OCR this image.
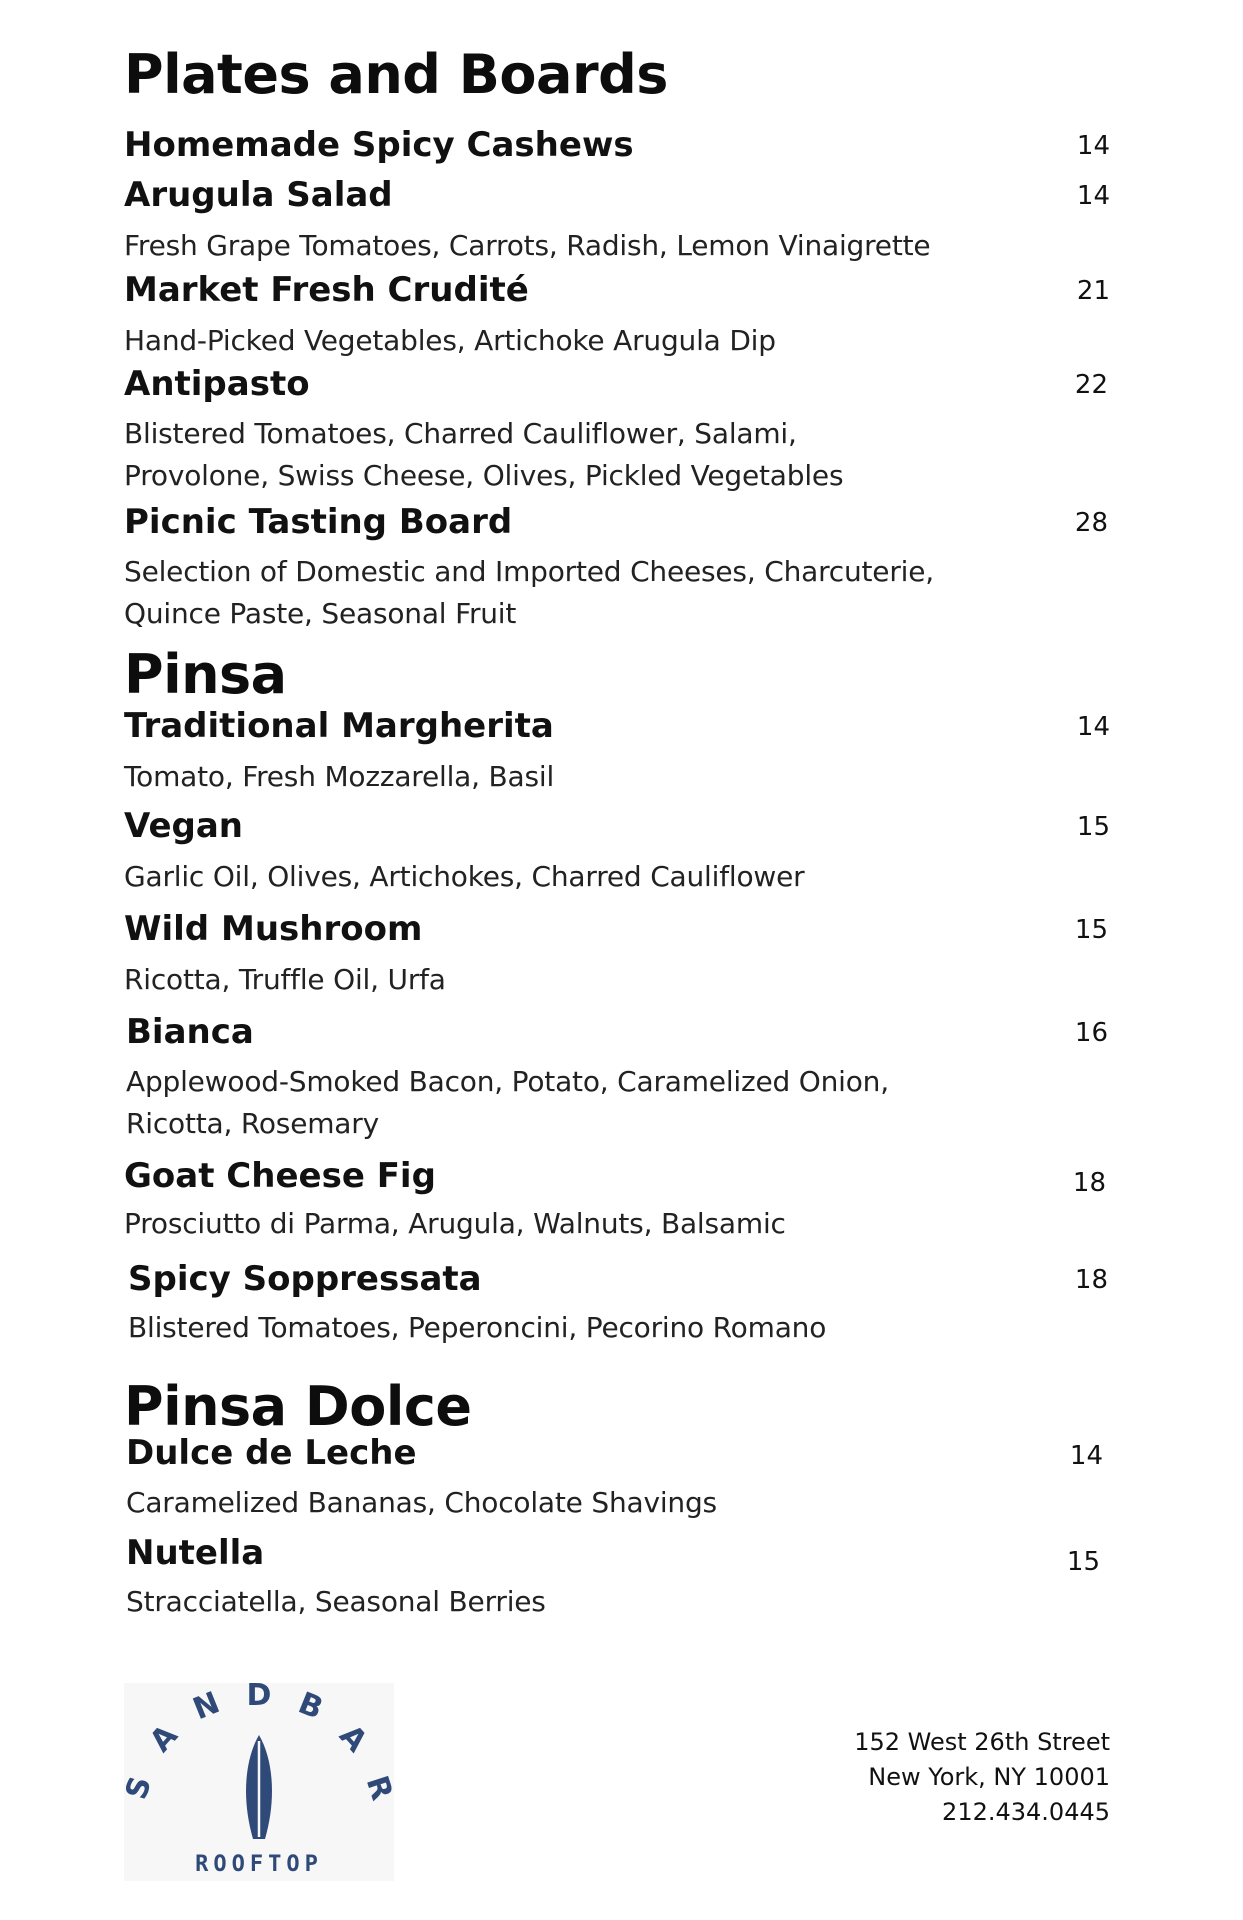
Plates and Boards
Homemade Spicy Cashews	14
Arugula Salad	14
Fresh Grape Tomatoes, Carrots, Radish, Lemon Vinaigrette
Market Fresh Crudité	21
Hand-Picked Vegetables, Artichoke Arugula Dip
Antipasto	22
Blistered Tomatoes, Charred Cauliflower, Salami,
Provolone, Swiss Cheese, Olives, Pickled Vegetables
Picnic Tasting Board	28
Selection of Domestic and Imported Cheeses, Charcuterie,
Quince Paste, Seasonal Fruit
Pinsa
Traditional Margherita	14
Tomato, Fresh Mozzarella, Basil
Vegan	15
Garlic Oil, Olives, Artichokes, Charred Cauliflower
Wild Mushroom	15
Ricotta, Truffle Oil, Urfa
Bianca	16
Applewood-Smoked Bacon, Potato, Caramelized Onion,
Ricotta, Rosemary
Goat Cheese Fig	18
Prosciutto di Parma, Arugula, Walnuts, Balsamic
Spicy Soppressata	18
Blistered Tomatoes, Peperoncini, Pecorino Romano
Pinsa Dolce
Dulce de Leche	14
Caramelized Bananas, Chocolate Shavings
Nutella	15
Stracciatella, Seasonal Berries
S
A
N D B
A
R
ROOFTOP
152 West 26th Street
New York, NY 10001
212.434.0445
